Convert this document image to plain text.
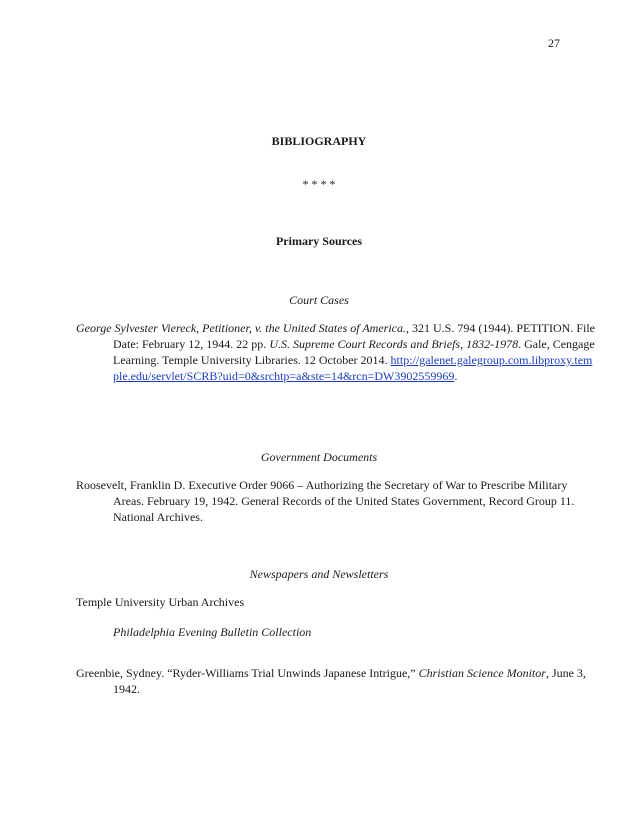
27
BIBLIOGRAPHY
* * * *
Primary Sources
Court Cases
George Sylvester Viereck, Petitioner, v. the United States of America., 321 U.S. 794 (1944). PETITION. File Date: February 12, 1944. 22 pp. U.S. Supreme Court Records and Briefs, 1832-1978. Gale, Cengage Learning. Temple University Libraries. 12 October 2014. http://galenet.galegroup.com.libproxy.temple.edu/servlet/SCRB?uid=0&srchtp=a&ste=14&rcn=DW3902559969.
Government Documents
Roosevelt, Franklin D. Executive Order 9066 – Authorizing the Secretary of War to Prescribe Military Areas. February 19, 1942. General Records of the United States Government, Record Group 11. National Archives.
Newspapers and Newsletters
Temple University Urban Archives
Philadelphia Evening Bulletin Collection
Greenbie, Sydney. “Ryder-Williams Trial Unwinds Japanese Intrigue,” Christian Science Monitor, June 3, 1942.
